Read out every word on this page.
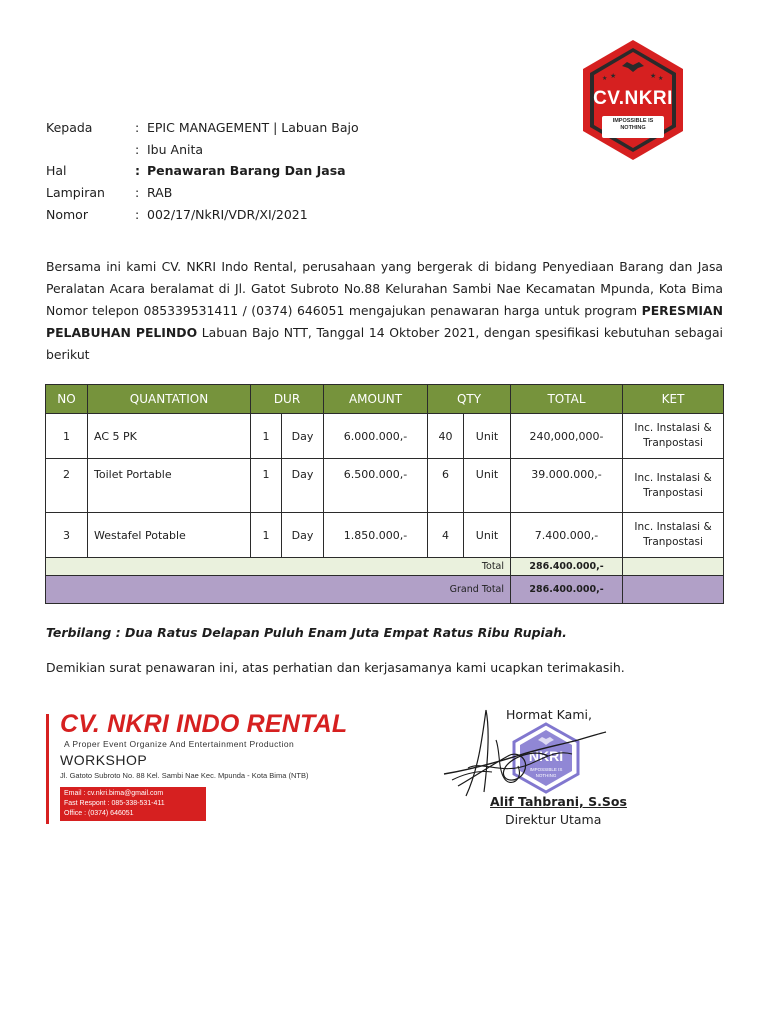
★	★
★	★
CV.NKRI
IMPOSSIBLE IS
NOTHING
Kepada	: EPIC MANAGEMENT | Labuan Bajo
: Ibu Anita
Hal	: Penawaran Barang Dan Jasa
Lampiran	: RAB
Nomor	: 002/17/NkRI/VDR/XI/2021
Bersama ini kami CV. NKRI Indo Rental, perusahaan yang bergerak di bidang Penyediaan Barang dan Jasa Peralatan Acara beralamat di Jl. Gatot Subroto No.88 Kelurahan Sambi Nae Kecamatan Mpunda, Kota Bima Nomor telepon 085339531411 / (0374) 646051 mengajukan penawaran harga untuk program PERESMIAN PELABUHAN PELINDO Labuan Bajo NTT, Tanggal 14 Oktober 2021, dengan spesifikasi kebutuhan sebagai berikut
NO	QUANTATION	DUR		AMOUNT	QTY		TOTAL	KET
1	AC 5 PK	1	Day	6.000.000,-	40	Unit	240,000,000-	Inc. Instalasi & Tranpostasi
2	Toilet Portable	1	Day	6.500.000,-	6	Unit	39.000.000,-	Inc. Instalasi & Tranpostasi
3	Westafel Potable	1	Day	1.850.000,-	4	Unit	7.400.000,-	Inc. Instalasi & Tranpostasi
Total							286.400.000,-	
Grand Total							286.400.000,-	
Terbilang : Dua Ratus Delapan Puluh Enam Juta Empat Ratus Ribu Rupiah.
Demikian surat penawaran ini, atas perhatian dan kerjasamanya kami ucapkan terimakasih.
CV. NKRI INDO RENTAL
A Proper Event Organize And Entertainment Production
WORKSHOP
Jl. Gatoto Subroto No. 88 Kel. Sambi Nae Kec. Mpunda - Kota Bima (NTB)
Email : cv.nkri.bima@gmail.com
Fast Respont : 085-338-531-411
Office : (0374) 646051
Hormat Kami,
NKRI
IMPOSSIBLE IS NOTHING
Alif Tahbrani, S.Sos
Direktur Utama
